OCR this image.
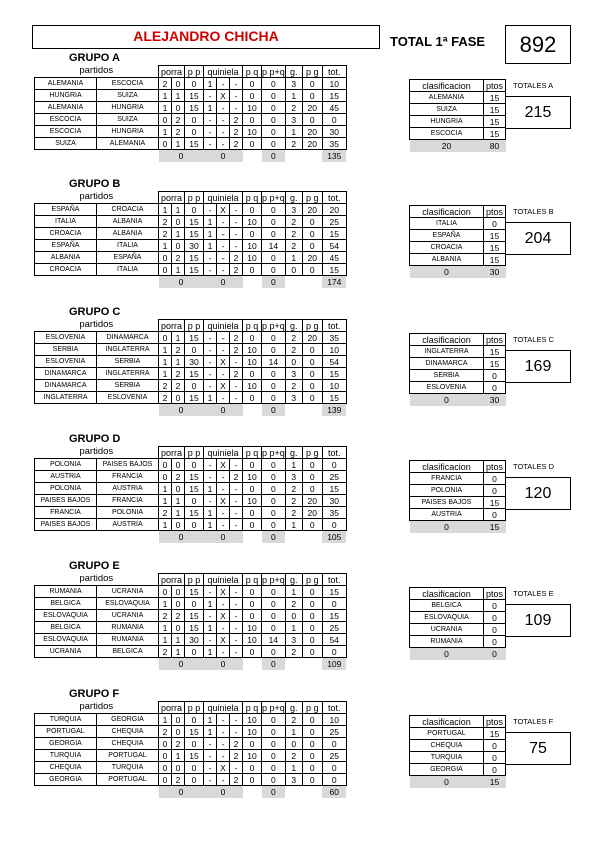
ALEJANDRO CHICHA	TOTAL 1ª FASE	892
GRUPO A
partidos		porra		p p	quiniela			p q	p p+q	g.	p g	tot.
ALEMANIA	ESCOCIA	2	0	0	1	-	-	0	0	3	0	10
HUNGRIA	SUIZA	1	1	15	-	X	-	0	0	1	0	15
ALEMANIA	HUNGRIA	1	0	15	1	-	-	10	0	2	20	45
ESCOCIA	SUIZA	0	2	0	-	-	2	0	0	3	0	0
ESCOCIA	HUNGRIA	1	2	0	-	-	2	10	0	1	20	30
SUIZA	ALEMANIA	0	1	15	-	-	2	0	0	2	20	35
		0			0				0			135
clasificacion	ptos
ALEMANIA	15
SUIZA	15
HUNGRIA	15
ESCOCIA	15
20	80
TOTALES A
215
GRUPO B
partidos		porra		p p	quiniela			p q	p p+q	g.	p g	tot.
ESPAÑA	CROACIA	1	1	0	-	X	-	0	0	3	20	20
ITALIA	ALBANIA	2	0	15	1	-	-	10	0	2	0	25
CROACIA	ALBANIA	2	1	15	1	-	-	0	0	2	0	15
ESPAÑA	ITALIA	1	0	30	1	-	-	10	14	2	0	54
ALBANIA	ESPAÑA	0	2	15	-	-	2	10	0	1	20	45
CROACIA	ITALIA	0	1	15	-	-	2	0	0	0	0	15
		0			0				0			174
clasificacion	ptos
ITALIA	0
ESPAÑA	15
CROACIA	15
ALBANIA	15
0	30
TOTALES B
204
GRUPO C
partidos		porra		p p	quiniela			p q	p p+q	g.	p g	tot.
ESLOVENIA	DINAMARCA	0	1	15	-	-	2	0	0	2	20	35
SERBIA	INGLATERRA	1	2	0	-	-	2	10	0	2	0	10
ESLOVENIA	SERBIA	1	1	30	-	X	-	10	14	0	0	54
DINAMARCA	INGLATERRA	1	2	15	-	-	2	0	0	3	0	15
DINAMARCA	SERBIA	2	2	0	-	X	-	10	0	2	0	10
INGLATERRA	ESLOVENIA	2	0	15	1	-	-	0	0	3	0	15
		0			0				0			139
clasificacion	ptos
INGLATERRA	15
DINAMARCA	15
SERBIA	0
ESLOVENIA	0
0	30
TOTALES C
169
GRUPO D
partidos		porra		p p	quiniela			p q	p p+q	g.	p g	tot.
POLONIA	PAISES BAJOS	0	0	0	-	X	-	0	0	1	0	0
AUSTRIA	FRANCIA	0	2	15	-	-	2	10	0	3	0	25
POLONIA	AUSTRIA	1	0	15	1	-	-	0	0	2	0	15
PAISES BAJOS	FRANCIA	1	1	0	-	X	-	10	0	2	20	30
FRANCIA	POLONIA	2	1	15	1	-	-	0	0	2	20	35
PAISES BAJOS	AUSTRIA	1	0	0	1	-	-	0	0	1	0	0
		0			0				0			105
clasificacion	ptos
FRANCIA	0
POLONIA	0
PAISES BAJOS	15
AUSTRIA	0
0	15
TOTALES D
120
GRUPO E
partidos		porra		p p	quiniela			p q	p p+q	g.	p g	tot.
RUMANIA	UCRANIA	0	0	15	-	X	-	0	0	1	0	15
BELGICA	ESLOVAQUIA	1	0	0	1	-	-	0	0	2	0	0
ESLOVAQUIA	UCRANIA	2	2	15	-	X	-	0	0	0	0	15
BELGICA	RUMANIA	1	0	15	1	-	-	10	0	1	0	25
ESLOVAQUIA	RUMANIA	1	1	30	-	X	-	10	14	3	0	54
UCRANIA	BELGICA	2	1	0	1	-	-	0	0	2	0	0
		0			0				0			109
clasificacion	ptos
BELGICA	0
ESLOVAQUIA	0
UCRANIA	0
RUMANIA	0
0	0
TOTALES E
109
GRUPO F
partidos		porra		p p	quiniela			p q	p p+q	g.	p g	tot.
TURQUIA	GEORGIA	1	0	0	1	-	-	10	0	2	0	10
PORTUGAL	CHEQUIA	2	0	15	1	-	-	10	0	1	0	25
GEORGIA	CHEQUIA	0	2	0	-	-	2	0	0	0	0	0
TURQUIA	PORTUGAL	0	1	15	-	-	2	10	0	2	0	25
CHEQUIA	TURQUIA	0	0	0	-	X	-	0	0	1	0	0
GEORGIA	PORTUGAL	0	2	0	-	-	2	0	0	3	0	0
		0			0				0			60
clasificacion	ptos
PORTUGAL	15
CHEQUIA	0
TURQUIA	0
GEORGIA	0
0	15
TOTALES F
75
